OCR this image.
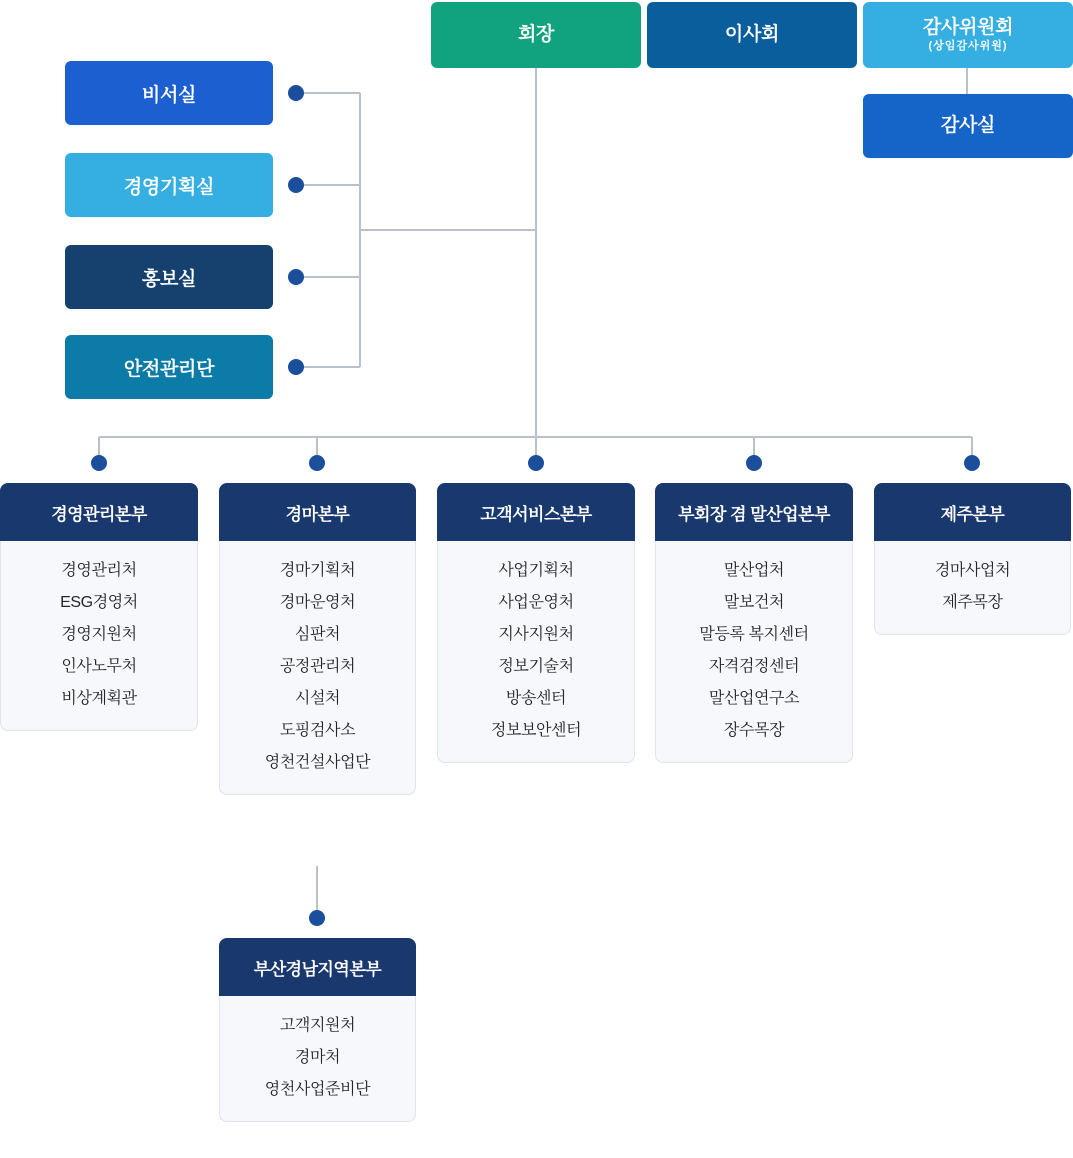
회장	이사회	감사위원회
(상임감사위원)
감사실
비서실
경영기획실
홍보실
안전관리단
경영관리본부
경영관리처
ESG경영처
경영지원처
인사노무처
비상계획관
경마본부
경마기획처
경마운영처
심판처
공정관리처
시설처
도핑검사소
영천건설사업단
고객서비스본부
사업기획처
사업운영처
지사지원처
정보기술처
방송센터
정보보안센터
부회장 겸 말산업본부
말산업처
말보건처
말등록 복지센터
자격검정센터
말산업연구소
장수목장
제주본부
경마사업처
제주목장
부산경남지역본부
고객지원처
경마처
영천사업준비단
